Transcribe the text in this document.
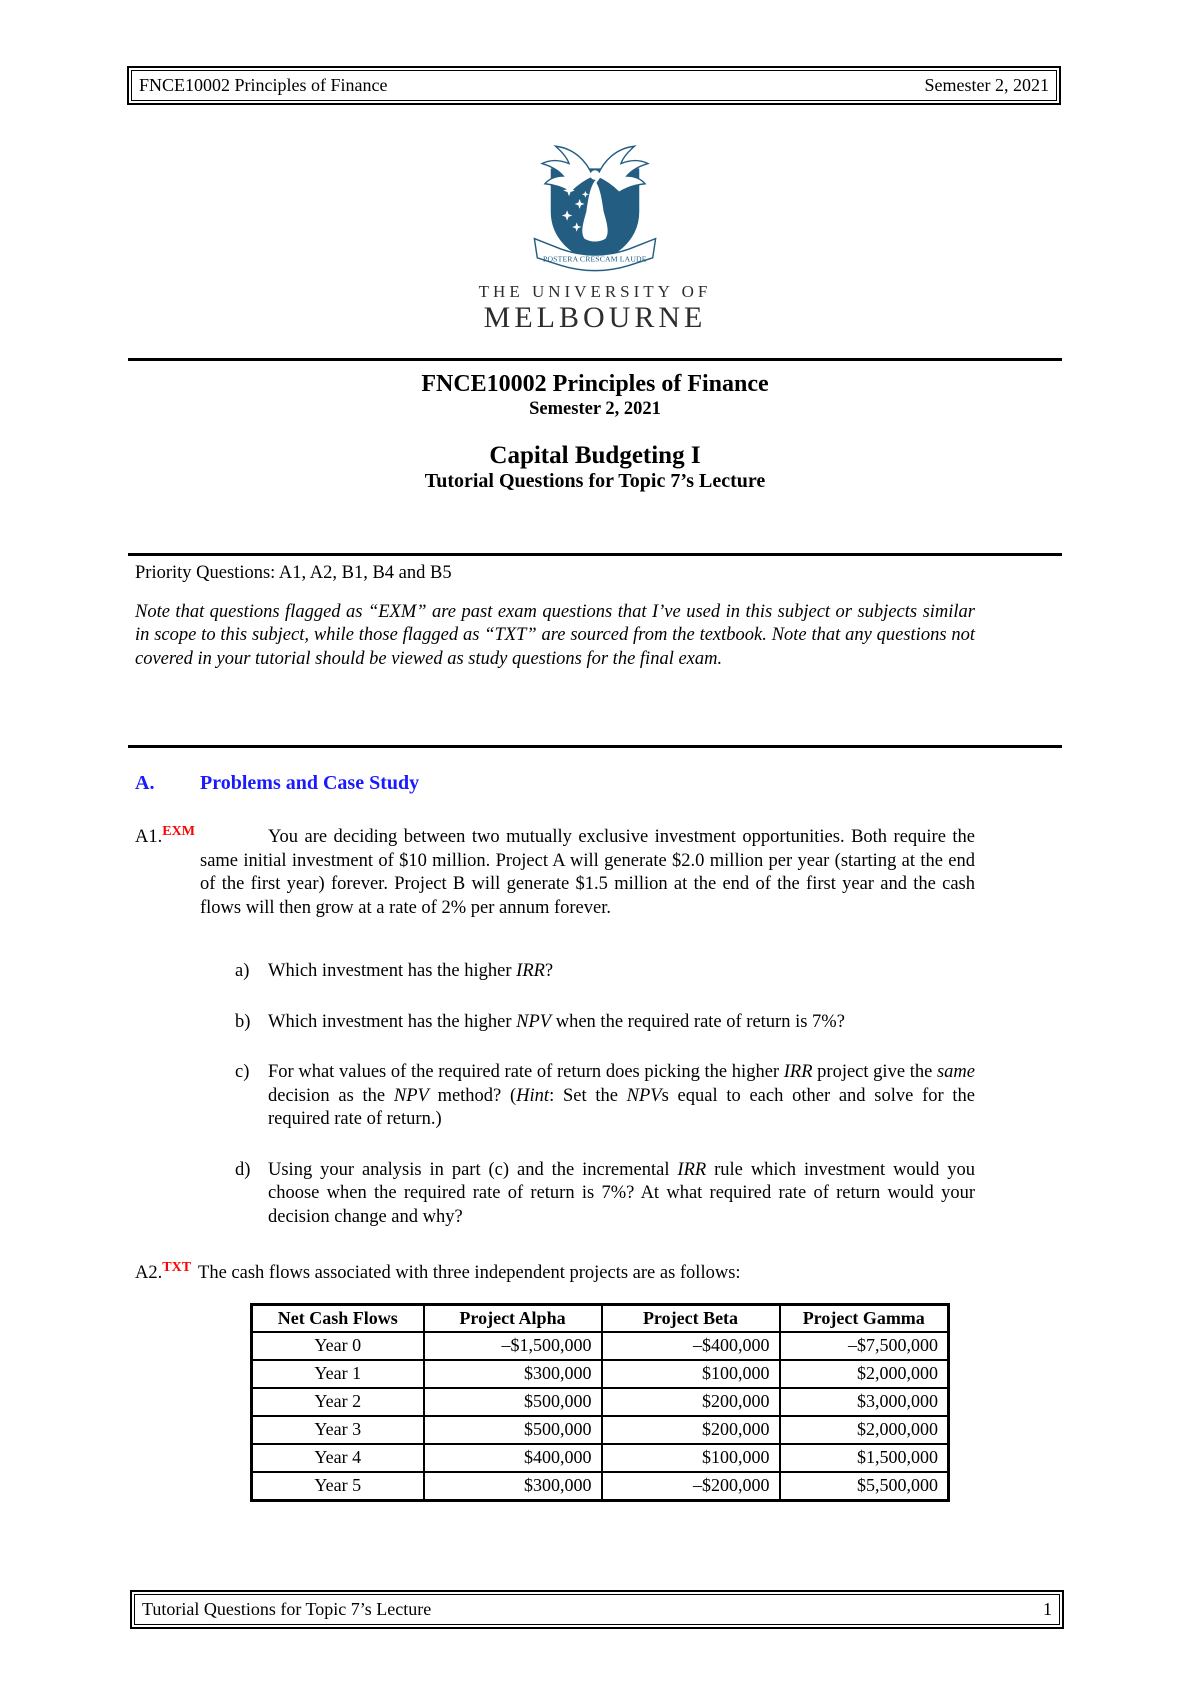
FNCE10002 Principles of Finance	Semester 2, 2021
POSTERA CRESCAM LAUDE
THE UNIVERSITY OF
MELBOURNE
FNCE10002 Principles of Finance
Semester 2, 2021
Capital Budgeting I
Tutorial Questions for Topic 7’s Lecture
Priority Questions: A1, A2, B1, B4 and B5

Note that questions flagged as “EXM” are past exam questions that I’ve used in this subject or subjects similar in scope to this subject, while those flagged as “TXT” are sourced from the textbook. Note that any questions not covered in your tutorial should be viewed as study questions for the final exam.

A. Problems and Case Study
A1.$^{EXM}$	You are deciding between two mutually exclusive investment opportunities. Both require the same initial investment of $10 million. Project A will generate $2.0 million per year (starting at the end of the first year) forever. Project B will generate $1.5 million at the end of the first year and the cash flows will then grow at a rate of 2% per annum forever.

a) Which investment has the higher IRR?

b) Which investment has the higher NPV when the required rate of return is 7%?

c) For what values of the required rate of return does picking the higher IRR project give the same decision as the NPV method? (Hint: Set the NPVs equal to each other and solve for the required rate of return.)

d) Using your analysis in part (c) and the incremental IRR rule which investment would you choose when the required rate of return is 7%? At what required rate of return would your decision change and why?

A2.$^{TXT}$ The cash flows associated with three independent projects are as follows:
Net Cash Flows	Project Alpha	Project Beta	Project Gamma
Year 0	–$1,500,000	–$400,000	–$7,500,000
Year 1	$300,000	$100,000	$2,000,000
Year 2	$500,000	$200,000	$3,000,000
Year 3	$500,000	$200,000	$2,000,000
Year 4	$400,000	$100,000	$1,500,000
Year 5	$300,000	–$200,000	$5,500,000
Tutorial Questions for Topic 7’s Lecture	1
